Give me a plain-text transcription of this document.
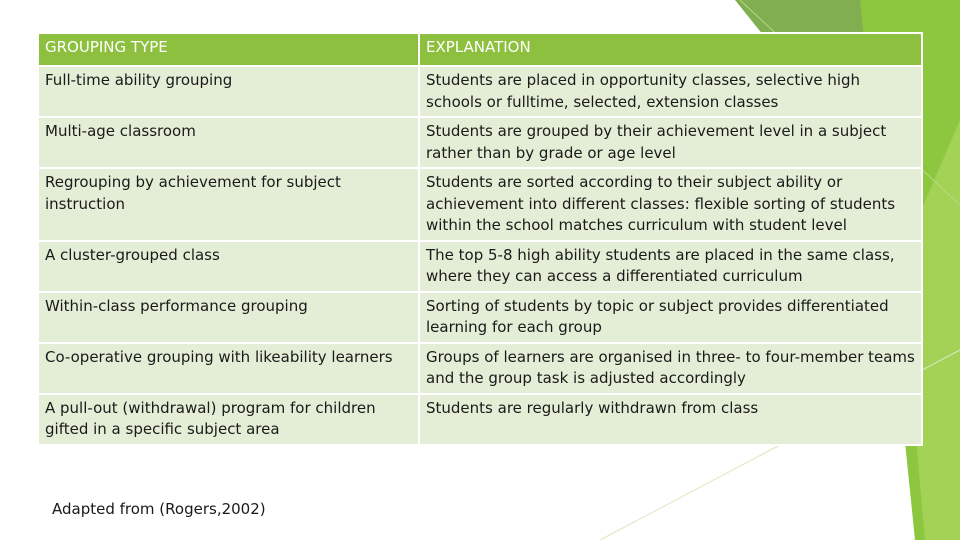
GROUPING TYPE	EXPLANATION
Full-time ability grouping	Students are placed in opportunity classes, selective high schools or fulltime, selected, extension classes
Multi-age classroom	Students are grouped by their achievement level in a subject rather than by grade or age level
Regrouping by achievement for subject instruction	Students are sorted according to their subject ability or achievement into different classes: flexible sorting of students within the school matches curriculum with student level
A cluster-grouped class	The top 5-8 high ability students are placed in the same class, where they can access a differentiated curriculum
Within-class performance grouping	Sorting of students by topic or subject provides differentiated learning for each group
Co-operative grouping with likeability learners	Groups of learners are organised in three- to four-member teams and the group task is adjusted accordingly
A pull-out (withdrawal) program for children gifted in a specific subject area	Students are regularly withdrawn from class
Adapted from (Rogers,2002)
